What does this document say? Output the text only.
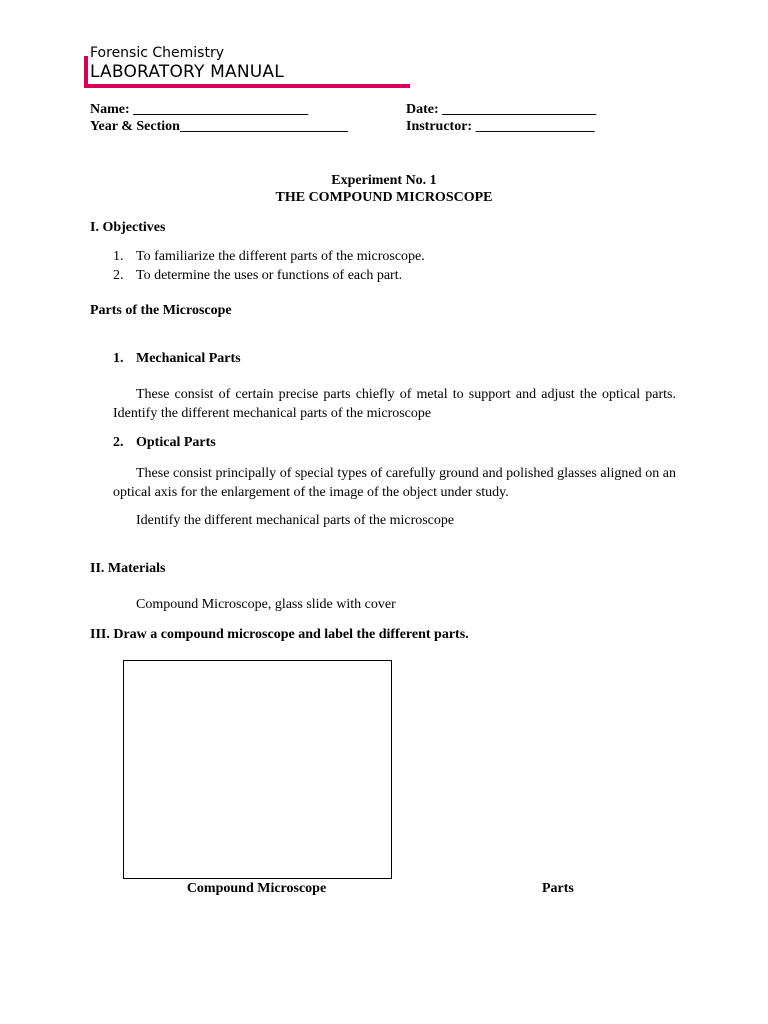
Forensic Chemistry
LABORATORY MANUAL
Name: _________________________	Date: ______________________
Year & Section________________________	Instructor: _________________
Experiment No. 1
THE COMPOUND MICROSCOPE
I. Objectives
1. To familiarize the different parts of the microscope.
2. To determine the uses or functions of each part.
Parts of the Microscope
1. Mechanical Parts
These consist of certain precise parts chiefly of metal to support and adjust the optical parts. Identify the different mechanical parts of the microscope
2. Optical Parts
These consist principally of special types of carefully ground and polished glasses aligned on an optical axis for the enlargement of the image of the object under study.
Identify the different mechanical parts of the microscope
II. Materials
Compound Microscope, glass slide with cover
III. Draw a compound microscope and label the different parts.
Compound Microscope	Parts
